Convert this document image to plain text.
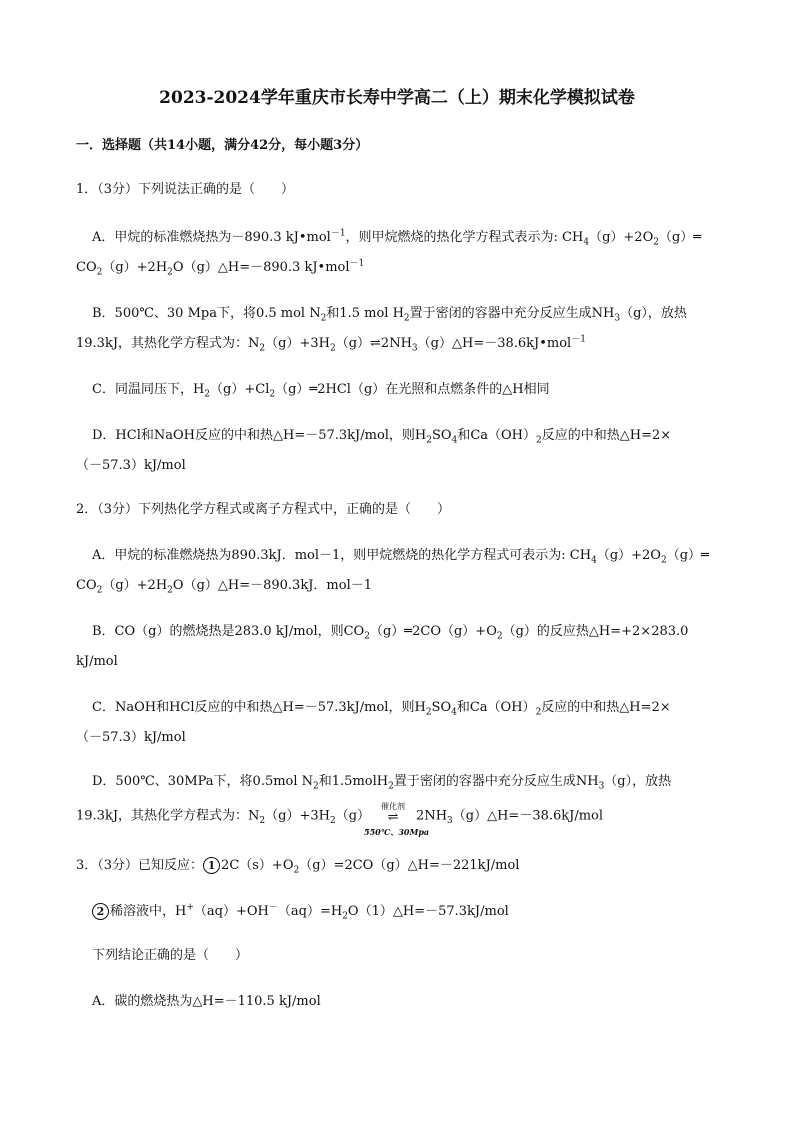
2023-2024学年重庆市长寿中学高二（上）期末化学模拟试卷
一．选择题（共14小题，满分42分，每小题3分）
1．（3分）下列说法正确的是（　　）
A．甲烷的标准燃烧热为－890.3 kJ•mol$^{-1}$，则甲烷燃烧的热化学方程式表示为: $CH_4(g)+2O_2(g)═$
$CO_2(g)+2H_2O(g)\triangle H=-890.3$ kJ•mol$^{-1}$
B．500℃、30 Mpa下，将0.5 mol $N_2$和1.5 mol $H_2$置于密闭的容器中充分反应生成$NH_3(g)$，放热
19.3kJ，其热化学方程式为：$N_2(g)+3H_2(g)\rightleftharpoons 2NH_3(g)\triangle H=-38.6kJ•mol^{-1}$
C．同温同压下，$H_2(g)+Cl_2(g)═2HCl(g)$在光照和点燃条件的△H相同
D．HCl和NaOH反应的中和热△H=－57.3kJ/mol，则$H_2SO_4$和$Ca(OH)_2$反应的中和热△H=2×
（－57.3）kJ/mol
2．（3分）下列热化学方程式或离子方程式中，正确的是（　　）
A．甲烷的标准燃烧热为890.3kJ．mol－1，则甲烷燃烧的热化学方程式可表示为: $CH_4(g)+2O_2(g)═$
$CO_2(g)+2H_2O(g)\triangle H=-890.3kJ$．mol－1
B．CO（g）的燃烧热是283.0 kJ/mol，则$CO_2(g)═2CO(g)+O_2(g)$的反应热△H=+2×283.0
kJ/mol
C．NaOH和HCl反应的中和热△H=－57.3kJ/mol，则$H_2SO_4$和$Ca(OH)_2$反应的中和热△H=2×
（－57.3）kJ/mol
D．500℃、30MPa下，将0.5mol $N_2$和1.5molH$_2$置于密闭的容器中充分反应生成$NH_3(g)$，放热
19.3kJ，其热化学方程式为：$N_2(g)+3H_2(g)$
催化剂
⇌
550℃、30Mpa
$2NH_3(g)\triangle H=-38.6kJ$/mol
3．（3分）已知反应： 1 $2C(s)+O_2(g)=2CO(g)\triangle H=-221kJ$/mol
2 稀溶液中，$H^+(aq)+OH^-(aq)=H_2O(1)\triangle H=-57.3kJ$/mol
下列结论正确的是（　　）
A．碳的燃烧热为△H=－110.5 kJ/mol
